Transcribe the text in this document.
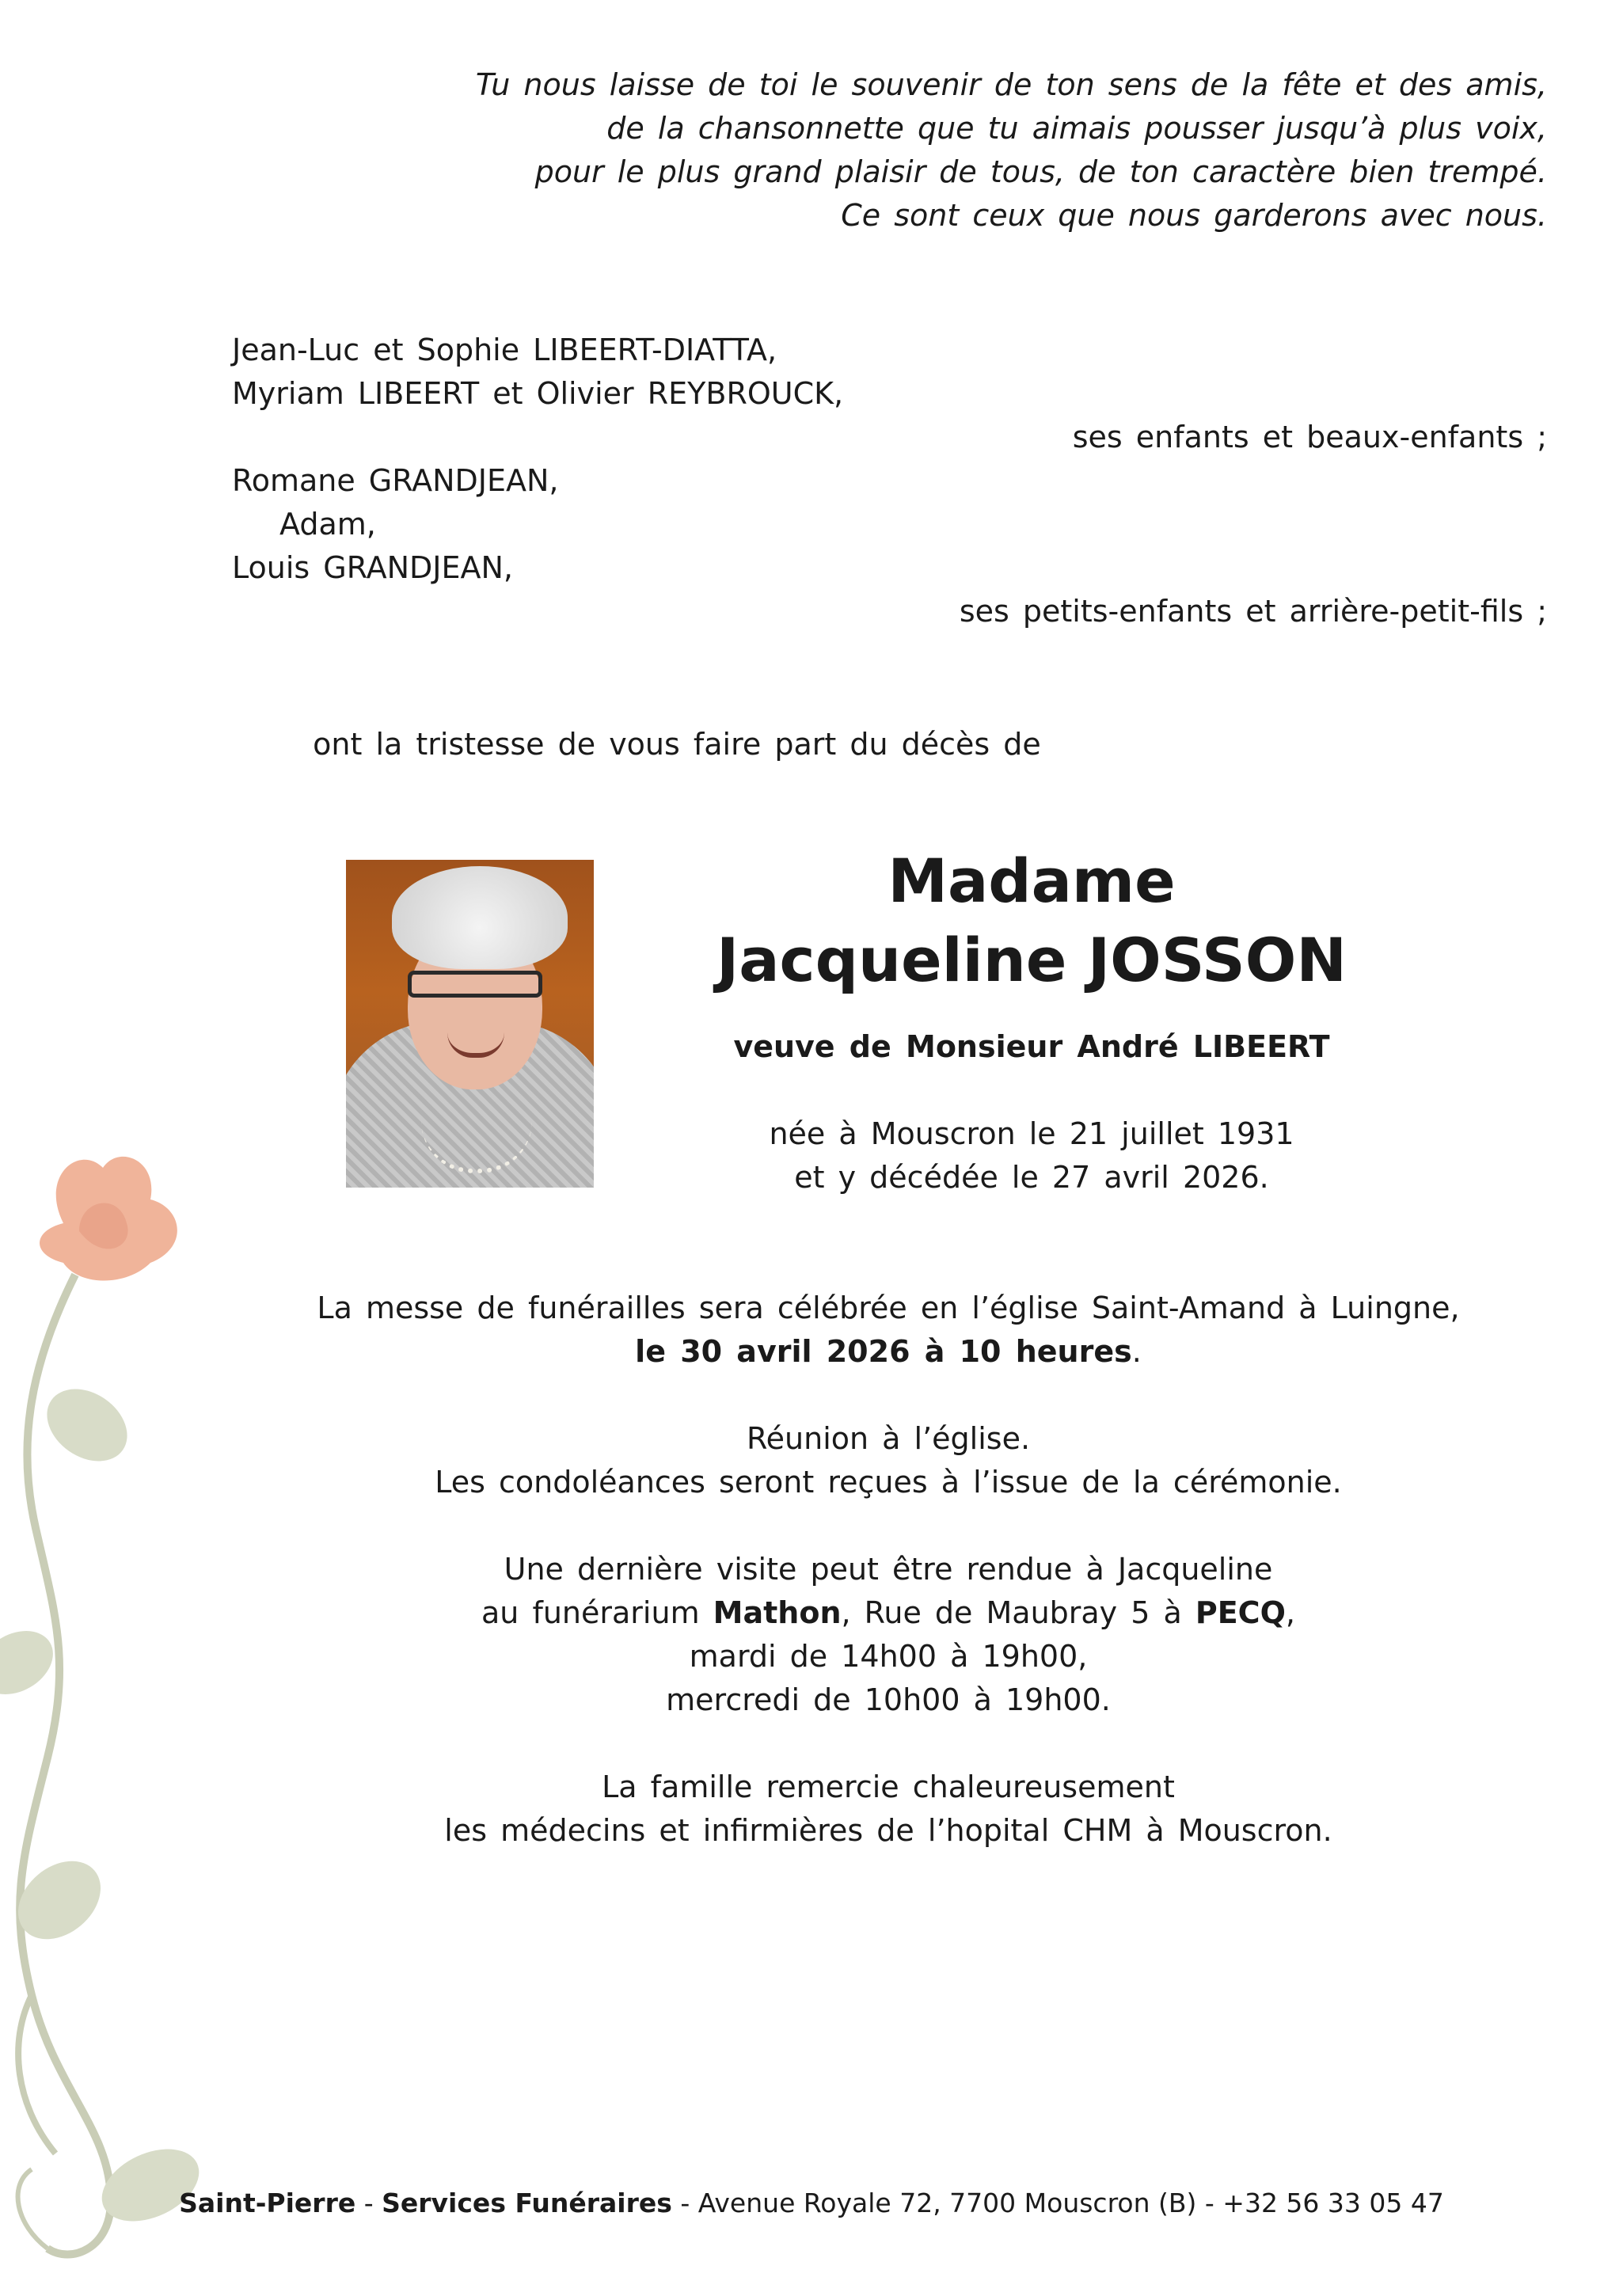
Tu nous laisse de toi le souvenir de ton sens de la fête et des amis,
de la chansonnette que tu aimais pousser jusqu’à plus voix,
pour le plus grand plaisir de tous, de ton caractère bien trempé.
Ce sont ceux que nous garderons avec nous.
Jean-Luc et Sophie LIBEERT-DIATTA,
Myriam LIBEERT et Olivier REYBROUCK,
ses enfants et beaux-enfants ;
Romane GRANDJEAN,
Adam,
Louis GRANDJEAN,
ses petits-enfants et arrière-petit-fils ;
ont la tristesse de vous faire part du décès de
Madame
Jacqueline JOSSON
veuve de Monsieur André LIBEERT
née à Mouscron le 21 juillet 1931
et y décédée le 27 avril 2026.
La messe de funérailles sera célébrée en l’église Saint-Amand à Luingne,
le 30 avril 2026 à 10 heures.
Réunion à l’église.
Les condoléances seront reçues à l’issue de la cérémonie.
Une dernière visite peut être rendue à Jacqueline
au funérarium Mathon, Rue de Maubray 5 à PECQ,
mardi de 14h00 à 19h00,
mercredi de 10h00 à 19h00.
La famille remercie chaleureusement
les médecins et infirmières de l’hopital CHM à Mouscron.
Saint-Pierre - Services Funéraires - Avenue Royale 72, 7700 Mouscron (B) - +32 56 33 05 47
